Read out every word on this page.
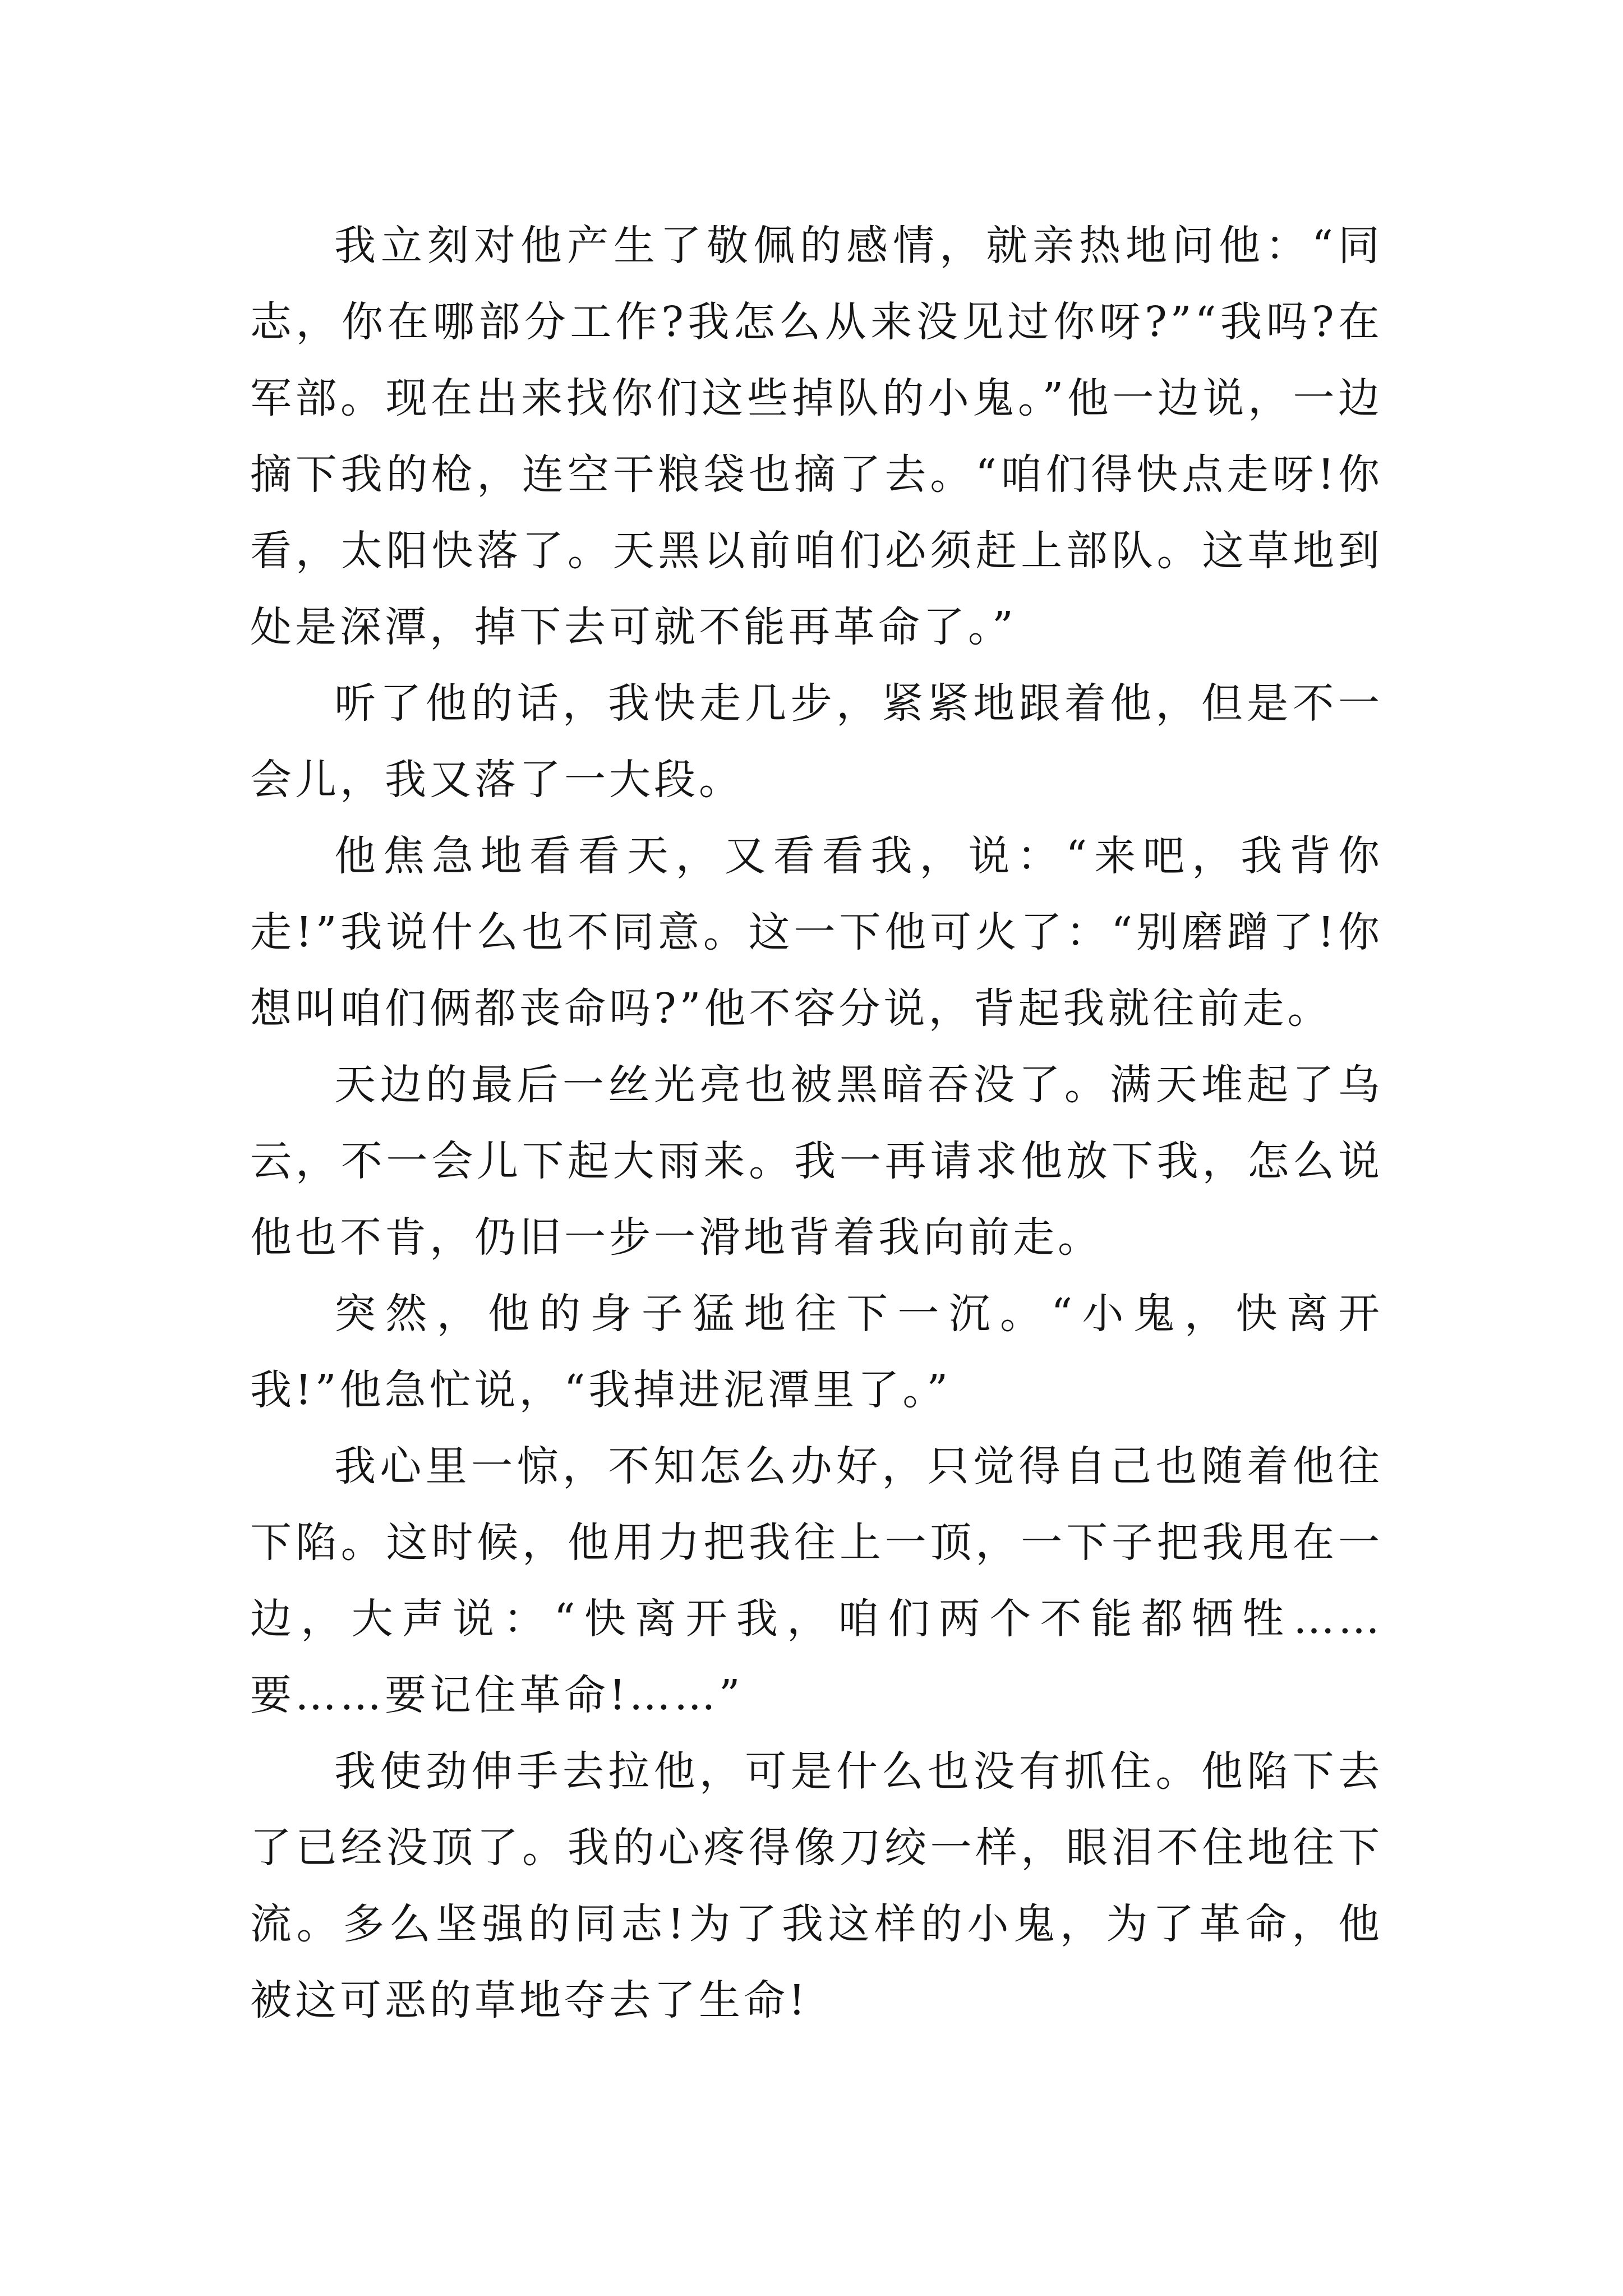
我立刻对他产生了敬佩的感情，就亲热地问他：“同志，你在哪部分工作?我怎么从来没见过你呀?”“我吗?在军部。现在出来找你们这些掉队的小鬼。”他一边说，一边摘下我的枪，连空干粮袋也摘了去。“咱们得快点走呀!你看，太阳快落了。天黑以前咱们必须赶上部队。这草地到处是深潭，掉下去可就不能再革命了。”

听了他的话，我快走几步，紧紧地跟着他，但是不一会儿，我又落了一大段。

他焦急地看看天，又看看我，说：“来吧，我背你走!”我说什么也不同意。这一下他可火了：“别磨蹭了!你想叫咱们俩都丧命吗?”他不容分说，背起我就往前走。

天边的最后一丝光亮也被黑暗吞没了。满天堆起了乌云，不一会儿下起大雨来。我一再请求他放下我，怎么说他也不肯，仍旧一步一滑地背着我向前走。

突然，他的身子猛地往下一沉。“小鬼，快离开我!”他急忙说，“我掉进泥潭里了。”

我心里一惊，不知怎么办好，只觉得自己也随着他往下陷。这时候，他用力把我往上一顶，一下子把我甩在一边，大声说：“快离开我，咱们两个不能都牺牲……要……要记住革命!……”

我使劲伸手去拉他，可是什么也没有抓住。他陷下去了已经没顶了。我的心疼得像刀绞一样，眼泪不住地往下流。多么坚强的同志!为了我这样的小鬼，为了革命，他被这可恶的草地夺去了生命!
